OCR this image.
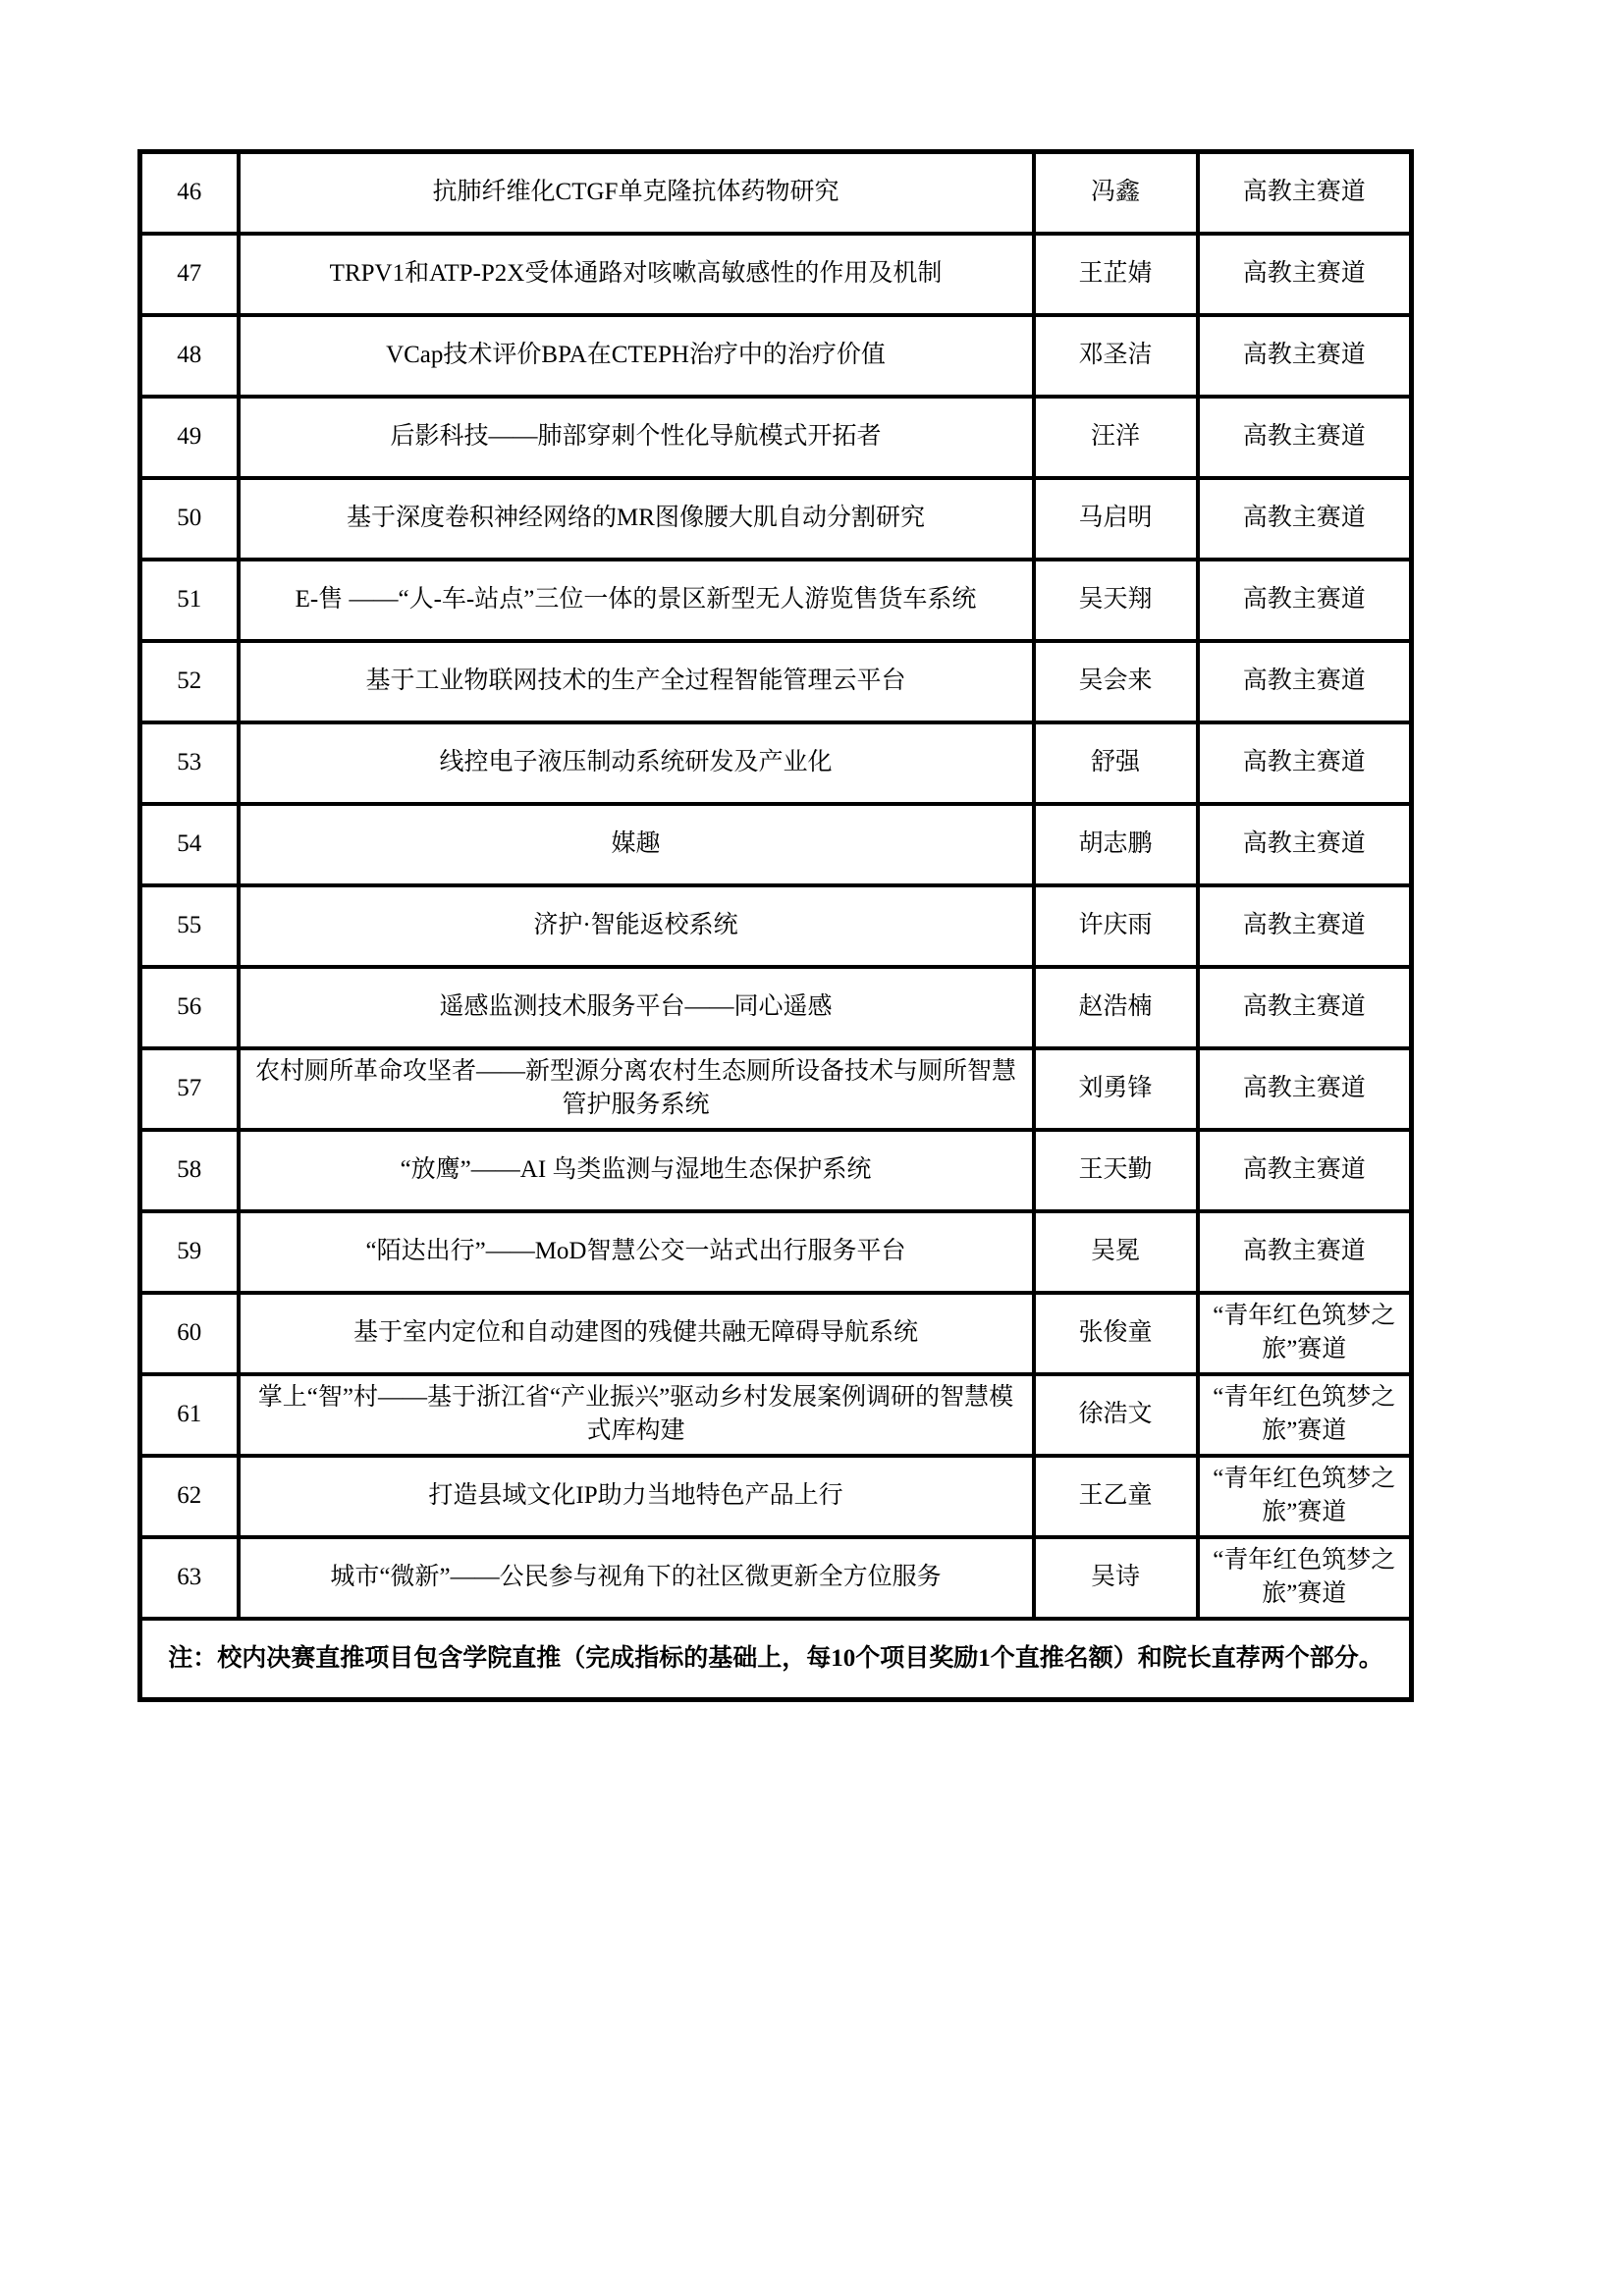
46	抗肺纤维化CTGF单克隆抗体药物研究	冯鑫	高教主赛道
47	TRPV1和ATP-P2X受体通路对咳嗽高敏感性的作用及机制	王芷婧	高教主赛道
48	VCap技术评价BPA在CTEPH治疗中的治疗价值	邓圣洁	高教主赛道
49	后影科技——肺部穿刺个性化导航模式开拓者	汪洋	高教主赛道
50	基于深度卷积神经网络的MR图像腰大肌自动分割研究	马启明	高教主赛道
51	E-售 ——“人-车-站点”三位一体的景区新型无人游览售货车系统	吴天翔	高教主赛道
52	基于工业物联网技术的生产全过程智能管理云平台	吴会来	高教主赛道
53	线控电子液压制动系统研发及产业化	舒强	高教主赛道
54	媒趣	胡志鹏	高教主赛道
55	济护·智能返校系统	许庆雨	高教主赛道
56	遥感监测技术服务平台——同心遥感	赵浩楠	高教主赛道
57	农村厕所革命攻坚者——新型源分离农村生态厕所设备技术与厕所智慧管护服务系统	刘勇锋	高教主赛道
58	“放鹰”——AI 鸟类监测与湿地生态保护系统	王天勤	高教主赛道
59	“陌达出行”——MoD智慧公交一站式出行服务平台	吴冕	高教主赛道
60	基于室内定位和自动建图的残健共融无障碍导航系统	张俊童	“青年红色筑梦之旅”赛道
61	掌上“智”村——基于浙江省“产业振兴”驱动乡村发展案例调研的智慧模式库构建	徐浩文	“青年红色筑梦之旅”赛道
62	打造县域文化IP助力当地特色产品上行	王乙童	“青年红色筑梦之旅”赛道
63	城市“微新”——公民参与视角下的社区微更新全方位服务	吴诗	“青年红色筑梦之旅”赛道
注：校内决赛直推项目包含学院直推（完成指标的基础上，每10个项目奖励1个直推名额）和院长直荐两个部分。			
